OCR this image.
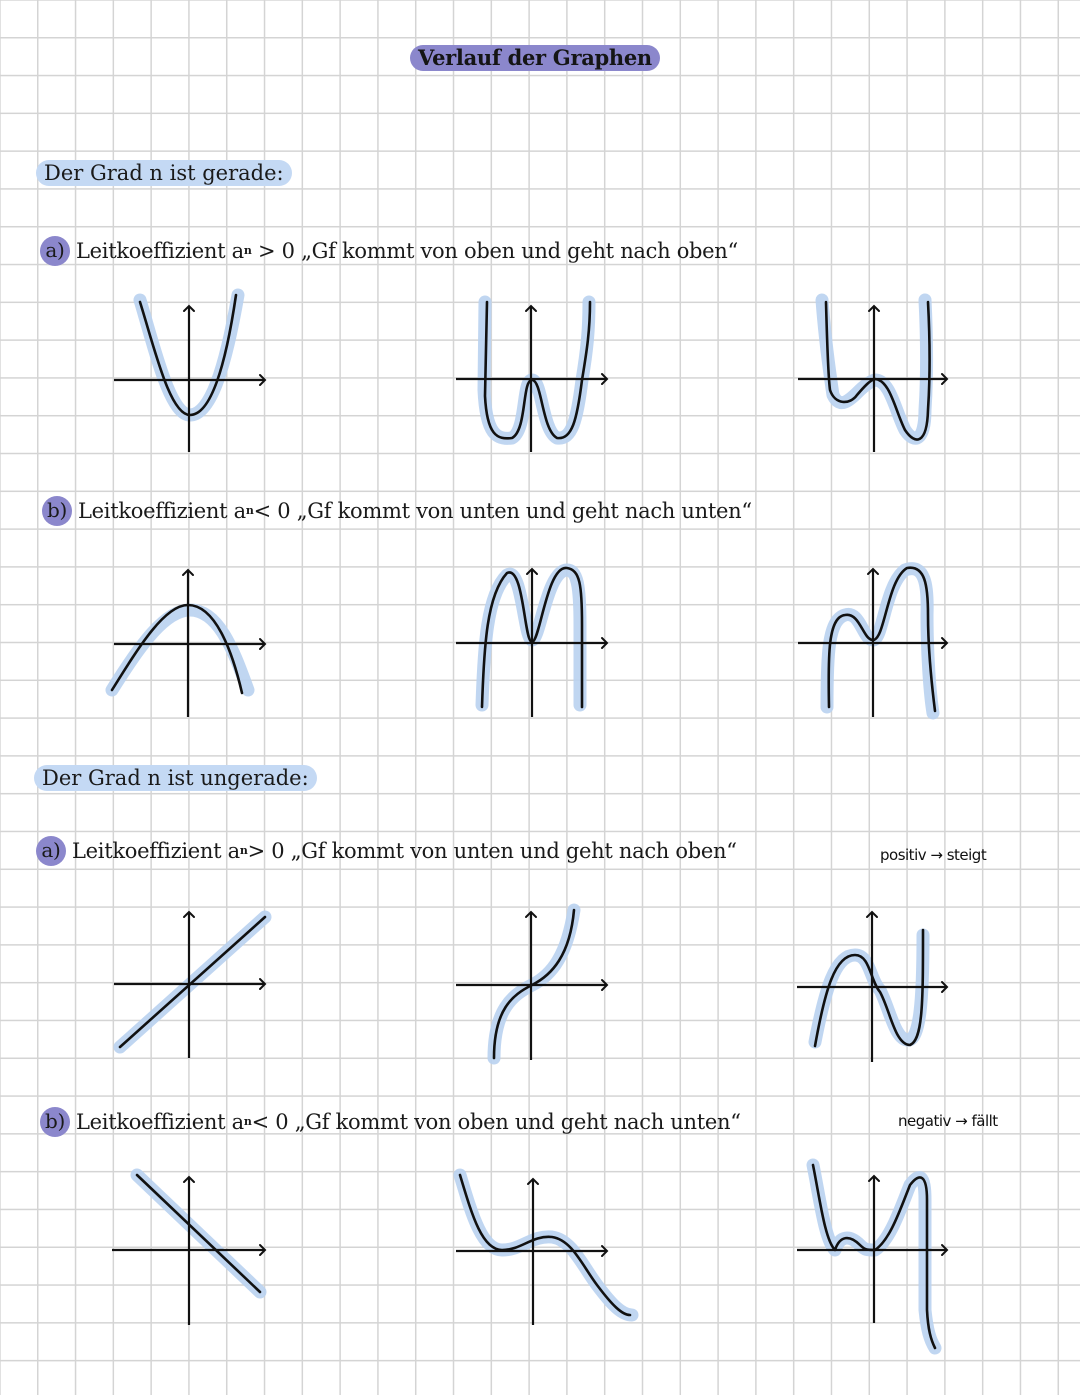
Verlauf der Graphen
Der Grad n ist gerade:
a) Leitkoeffizient a n
> 0
„Gf kommt von oben und geht nach oben“
b) Leitkoeffizient a n < 0
„Gf kommt von unten und geht nach unten“
Der Grad n ist ungerade:
a) Leitkoeffizient a n > 0
„Gf kommt von unten und geht nach oben“	positiv → steigt
b) Leitkoeffizient a n < 0
„Gf kommt von oben und geht nach unten“	negativ → fällt
